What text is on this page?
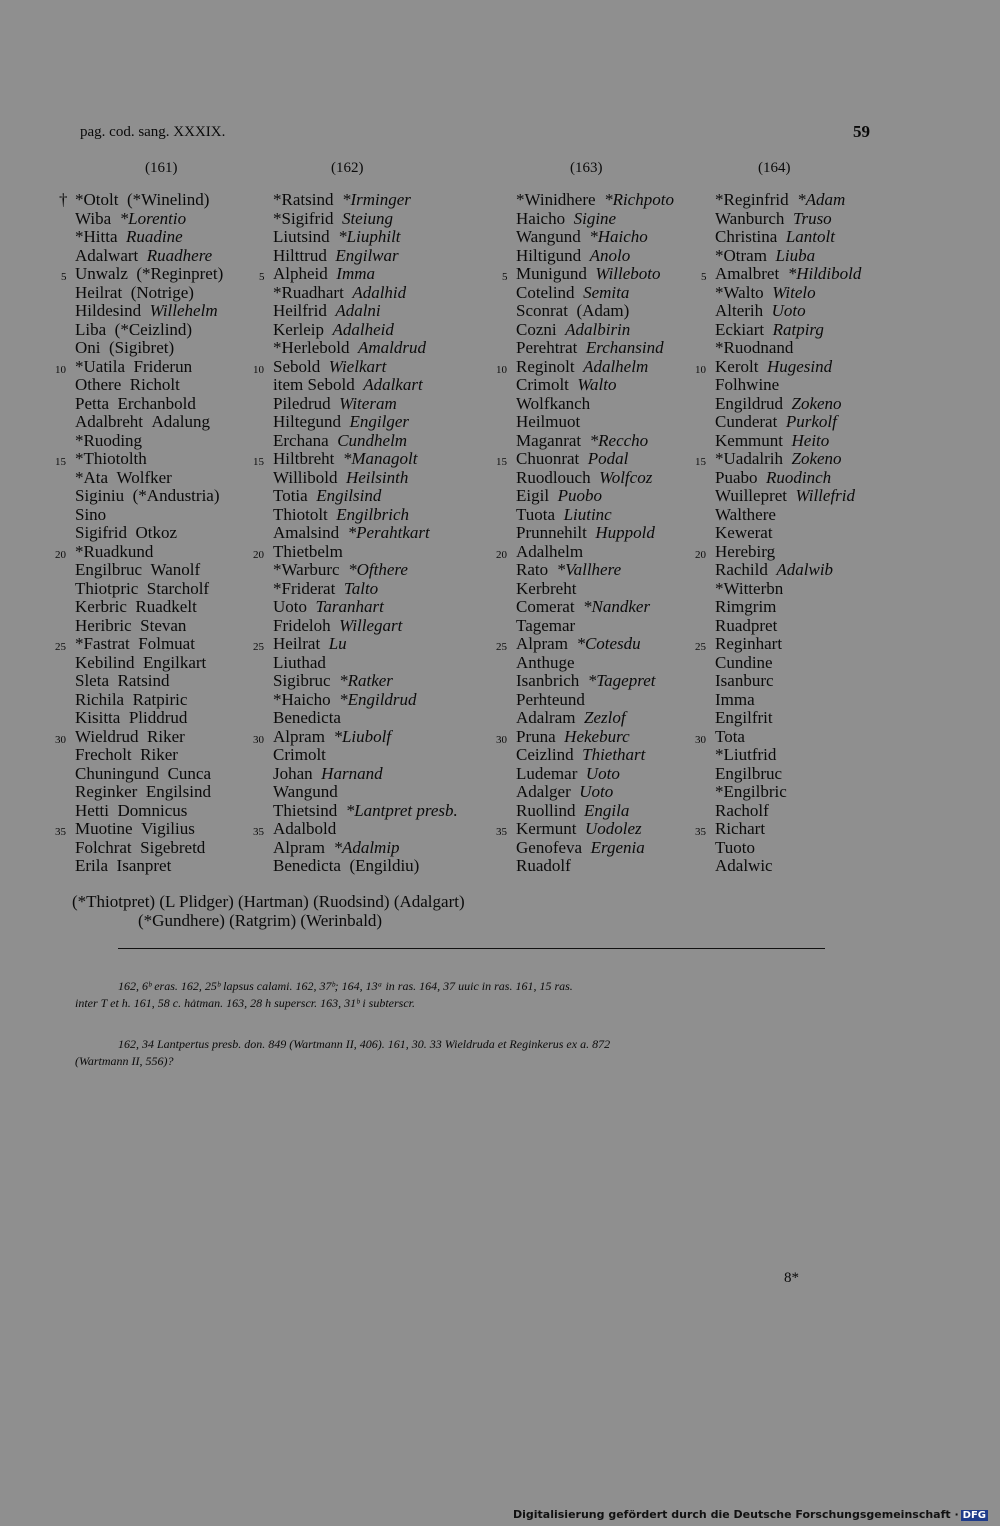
pag. cod. sang. XXXIX.	59
(161)	(162)	(163)	(164)
† *Otolt  (*Winelind)
Wiba  *Lorentio
*Hitta  Ruadine
Adalwart  Ruadhere
5 Unwalz  (*Reginpret)
Heilrat  (Notrige)
Hildesind  Willehelm
Liba  (*Ceizlind)
Oni  (Sigibret)
10 *Uatila  Friderun
Othere  Richolt
Petta  Erchanbold
Adalbreht  Adalung
*Ruoding
15 *Thiotolth
*Ata  Wolfker
Siginiu  (*Andustria)
Sino
Sigifrid  Otkoz
20 *Ruadkund
Engilbruc  Wanolf
Thiotpric  Starcholf
Kerbric  Ruadkelt
Heribric  Stevan
25 *Fastrat  Folmuat
Kebilind  Engilkart
Sleta  Ratsind
Richila  Ratpiric
Kisitta  Pliddrud
30 Wieldrud  Riker
Frecholt  Riker
Chuningund  Cunca
Reginker  Engilsind
Hetti  Domnicus
35 Muotine  Vigilius
Folchrat  Sigebretd
Erila  Isanpret
*Ratsind  *Irminger
*Sigifrid  Steiung
Liutsind  *Liuphilt
Hilttrud  Engilwar
5 Alpheid  Imma
*Ruadhart  Adalhid
Heilfrid  Adalni
Kerleip  Adalheid
*Herlebold  Amaldrud
10 Sebold  Wielkart
item Sebold  Adalkart
Piledrud  Witeram
Hiltegund  Engilger
Erchana  Cundhelm
15 Hiltbreht  *Managolt
Willibold  Heilsinth
Totia  Engilsind
Thiotolt  Engilbrich
Amalsind  *Perahtkart
20 Thietbelm
*Warburc  *Ofthere
*Friderat  Talto
Uoto  Taranhart
Frideloh  Willegart
25 Heilrat  Lu
Liuthad
Sigibruc  *Ratker
*Haicho  *Engildrud
Benedicta
30 Alpram  *Liubolf
Crimolt
Johan  Harnand
Wangund
Thietsind  *Lantpret presb.
35 Adalbold
Alpram  *Adalmip
Benedicta  (Engildiu)
*Winidhere  *Richpoto
Haicho  Sigine
Wangund  *Haicho
Hiltigund  Anolo
5 Munigund  Willeboto
Cotelind  Semita
Sconrat  (Adam)
Cozni  Adalbirin
Perehtrat  Erchansind
10 Reginolt  Adalhelm
Crimolt  Walto
Wolfkanch
Heilmuot
Maganrat  *Reccho
15 Chuonrat  Podal
Ruodlouch  Wolfcoz
Eigil  Puobo
Tuota  Liutinc
Prunnehilt  Huppold
20 Adalhelm
Rato  *Vallhere
Kerbreht
Comerat  *Nandker
Tagemar
25 Alpram  *Cotesdu
Anthuge
Isanbrich  *Tagepret
Perhteund
Adalram  Zezlof
30 Pruna  Hekeburc
Ceizlind  Thiethart
Ludemar  Uoto
Adalger  Uoto
Ruollind  Engila
35 Kermunt  Uodolez
Genofeva  Ergenia
Ruadolf
*Reginfrid  *Adam
Wanburch  Truso
Christina  Lantolt
*Otram  Liuba
5 Amalbret  *Hildibold
*Walto  Witelo
Alterih  Uoto
Eckiart  Ratpirg
*Ruodnand
10 Kerolt  Hugesind
Folhwine
Engildrud  Zokeno
Cunderat  Purkolf
Kemmunt  Heito
15 *Uadalrih  Zokeno
Puabo  Ruodinch
Wuillepret  Willefrid
Walthere
Kewerat
20 Herebirg
Rachild  Adalwib
*Witterbn
Rimgrim
Ruadpret
25 Reginhart
Cundine
Isanburc
Imma
Engilfrit
30 Tota
*Liutfrid
Engilbruc
*Engilbric
Racholf
35 Richart
Tuoto
Adalwic
(*Thiotpret) (L Plidger) (Hartman) (Ruodsind) (Adalgart)
(*Gundhere) (Ratgrim) (Werinbald)
162, 6ᵇ eras. 162, 25ᵇ lapsus calami. 162, 37ᵇ; 164, 13ᵃ in ras. 164, 37 uuic in ras. 161, 15 ras.
inter T et h. 161, 58 c. hȧtman. 163, 28 h superscr. 163, 31ᵇ i subterscr.
162, 34 Lantpertus presb. don. 849 (Wartmann II, 406). 161, 30. 33 Wieldruda et Reginkerus ex a. 872
(Wartmann II, 556)?
8*
Digitalisierung gefördert durch die Deutsche Forschungsgemeinschaft · DFG
